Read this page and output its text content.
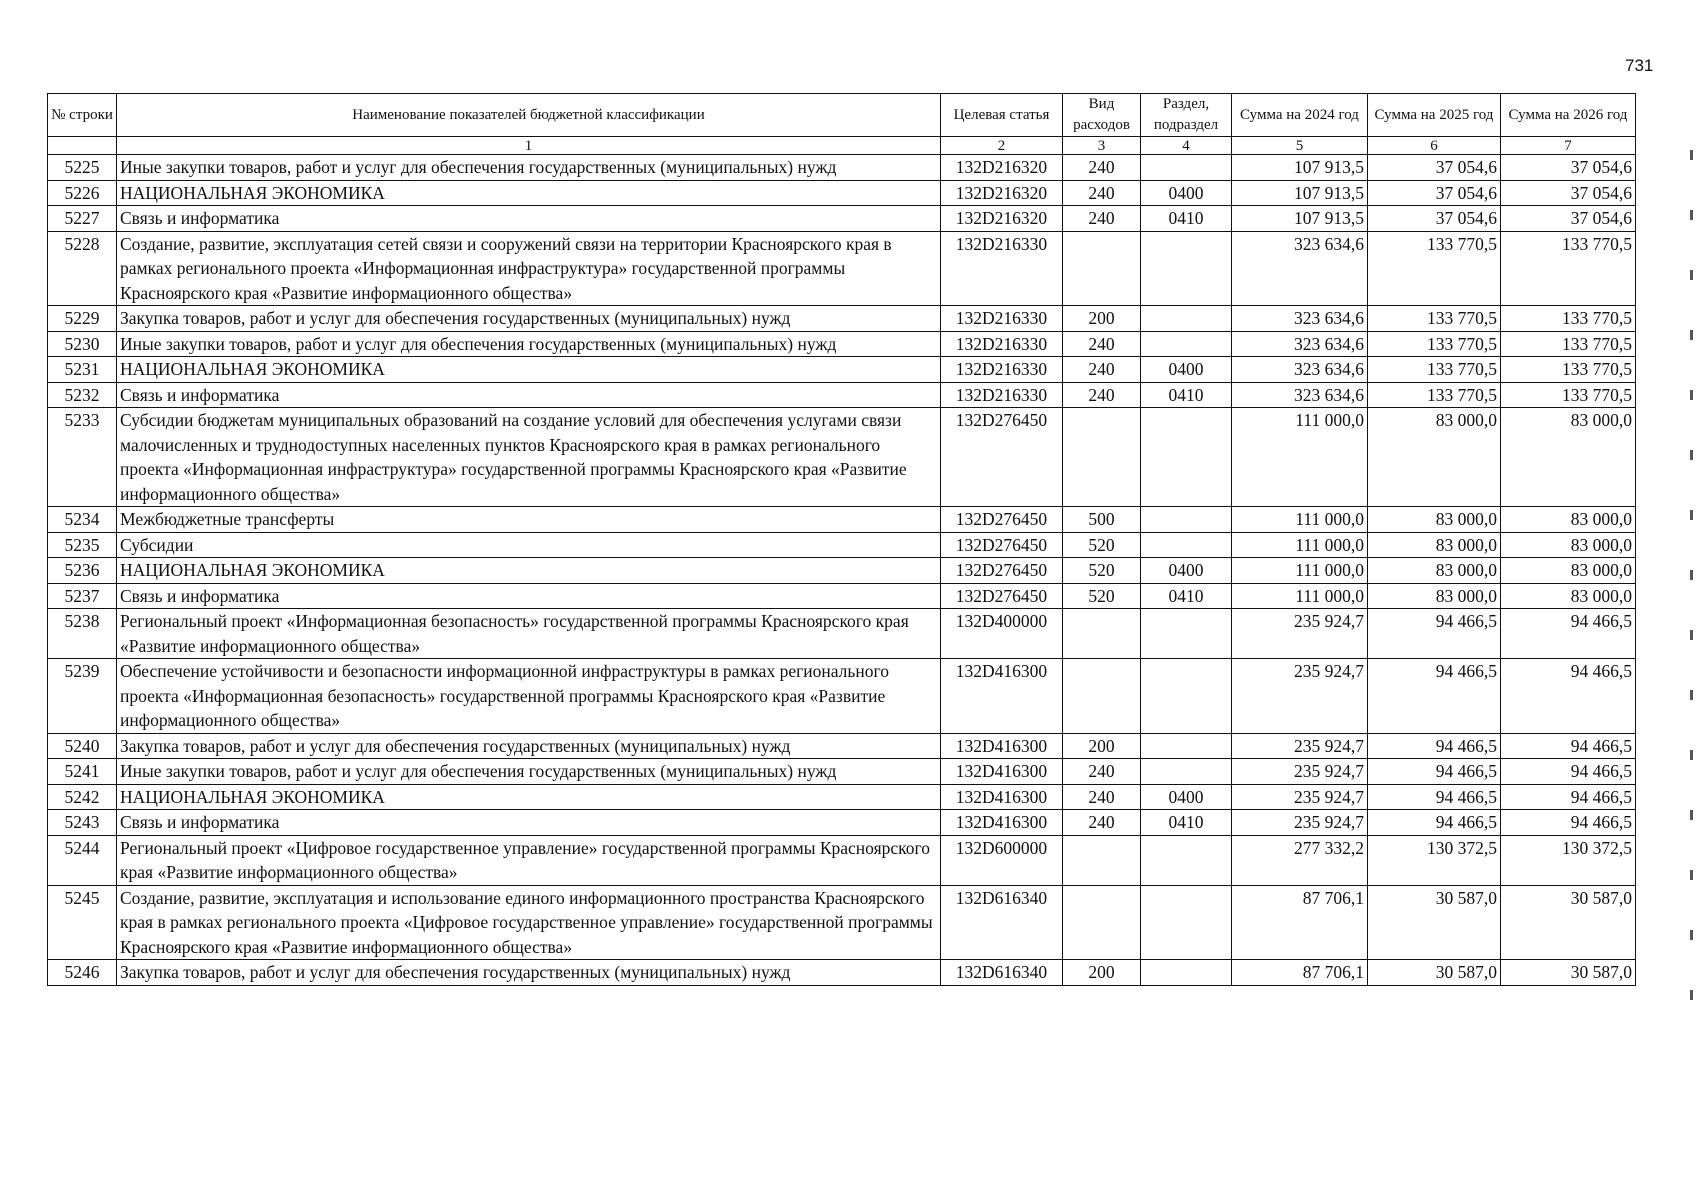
731
№ строки	Наименование показателей бюджетной классификации	Целевая статья	Вид расходов	Раздел, подраздел	Сумма на 2024 год	Сумма на 2025 год	Сумма на 2026 год
	1	2	3	4	5	6	7
5225	Иные закупки товаров, работ и услуг для обеспечения государственных (муниципальных) нужд	132D216320	240		107 913,5	37 054,6	37 054,6
5226	НАЦИОНАЛЬНАЯ ЭКОНОМИКА	132D216320	240	0400	107 913,5	37 054,6	37 054,6
5227	Связь и информатика	132D216320	240	0410	107 913,5	37 054,6	37 054,6
5228	Создание, развитие, эксплуатация сетей связи и сооружений связи на территории Красноярского края в рамках регионального проекта «Информационная инфраструктура» государственной программы Красноярского края «Развитие информационного общества»	132D216330			323 634,6	133 770,5	133 770,5
5229	Закупка товаров, работ и услуг для обеспечения государственных (муниципальных) нужд	132D216330	200		323 634,6	133 770,5	133 770,5
5230	Иные закупки товаров, работ и услуг для обеспечения государственных (муниципальных) нужд	132D216330	240		323 634,6	133 770,5	133 770,5
5231	НАЦИОНАЛЬНАЯ ЭКОНОМИКА	132D216330	240	0400	323 634,6	133 770,5	133 770,5
5232	Связь и информатика	132D216330	240	0410	323 634,6	133 770,5	133 770,5
5233	Субсидии бюджетам муниципальных образований на создание условий для обеспечения услугами связи малочисленных и труднодоступных населенных пунктов Красноярского края в рамках регионального проекта «Информационная инфраструктура» государственной программы Красноярского края «Развитие информационного общества»	132D276450			111 000,0	83 000,0	83 000,0
5234	Межбюджетные трансферты	132D276450	500		111 000,0	83 000,0	83 000,0
5235	Субсидии	132D276450	520		111 000,0	83 000,0	83 000,0
5236	НАЦИОНАЛЬНАЯ ЭКОНОМИКА	132D276450	520	0400	111 000,0	83 000,0	83 000,0
5237	Связь и информатика	132D276450	520	0410	111 000,0	83 000,0	83 000,0
5238	Региональный проект «Информационная безопасность» государственной программы Красноярского края «Развитие информационного общества»	132D400000			235 924,7	94 466,5	94 466,5
5239	Обеспечение устойчивости и безопасности информационной инфраструктуры в рамках регионального проекта «Информационная безопасность» государственной программы Красноярского края «Развитие информационного общества»	132D416300			235 924,7	94 466,5	94 466,5
5240	Закупка товаров, работ и услуг для обеспечения государственных (муниципальных) нужд	132D416300	200		235 924,7	94 466,5	94 466,5
5241	Иные закупки товаров, работ и услуг для обеспечения государственных (муниципальных) нужд	132D416300	240		235 924,7	94 466,5	94 466,5
5242	НАЦИОНАЛЬНАЯ ЭКОНОМИКА	132D416300	240	0400	235 924,7	94 466,5	94 466,5
5243	Связь и информатика	132D416300	240	0410	235 924,7	94 466,5	94 466,5
5244	Региональный проект «Цифровое государственное управление» государственной программы Красноярского края «Развитие информационного общества»	132D600000			277 332,2	130 372,5	130 372,5
5245	Создание, развитие, эксплуатация и использование единого информационного пространства Красноярского края в рамках регионального проекта «Цифровое государственное управление» государственной программы Красноярского края «Развитие информационного общества»	132D616340			87 706,1	30 587,0	30 587,0
5246	Закупка товаров, работ и услуг для обеспечения государственных (муниципальных) нужд	132D616340	200		87 706,1	30 587,0	30 587,0
